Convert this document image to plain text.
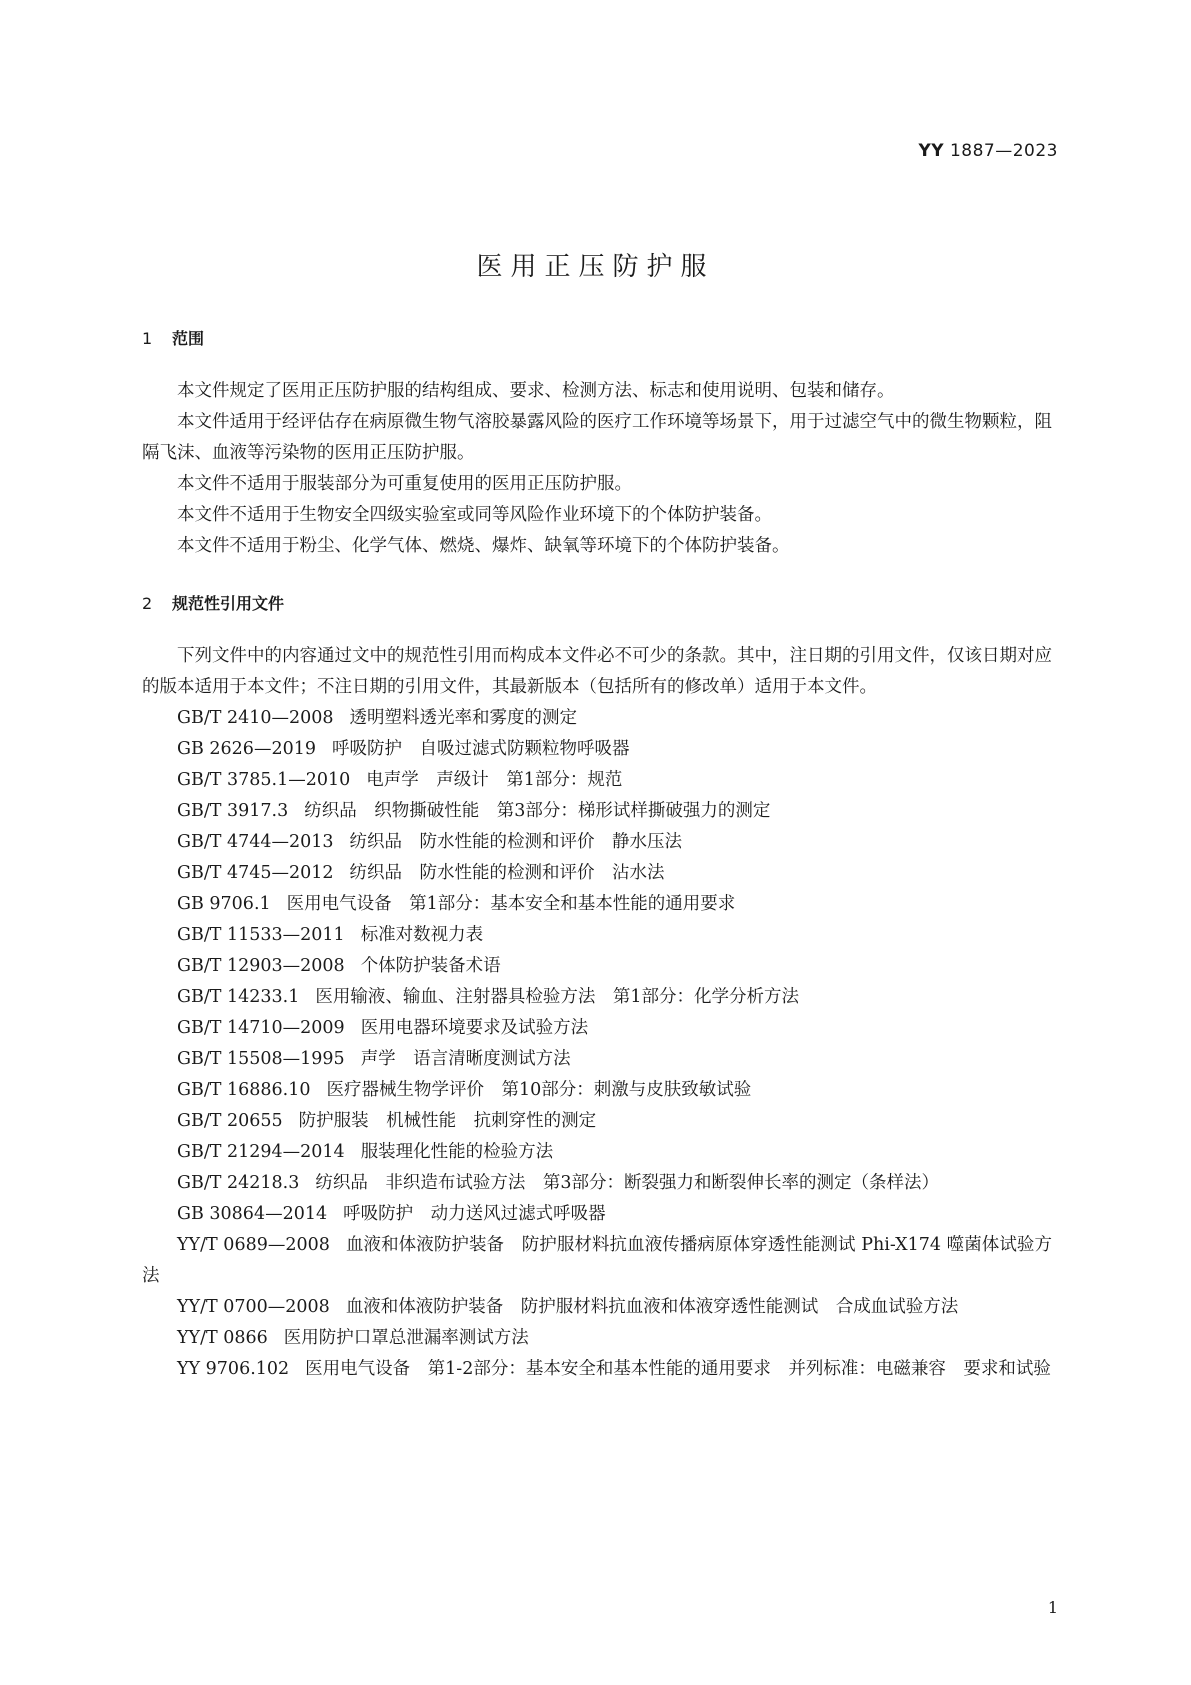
YY 1887—2023
医用正压防护服
1 范围

本文件规定了医用正压防护服的结构组成、要求、检测方法、标志和使用说明、包装和储存。

本文件适用于经评估存在病原微生物气溶胶暴露风险的医疗工作环境等场景下，用于过滤空气中的微生物颗粒，阻隔飞沫、血液等污染物的医用正压防护服。

本文件不适用于服装部分为可重复使用的医用正压防护服。

本文件不适用于生物安全四级实验室或同等风险作业环境下的个体防护装备。

本文件不适用于粉尘、化学气体、燃烧、爆炸、缺氧等环境下的个体防护装备。

2 规范性引用文件

下列文件中的内容通过文中的规范性引用而构成本文件必不可少的条款。其中，注日期的引用文件，仅该日期对应的版本适用于本文件；不注日期的引用文件，其最新版本（包括所有的修改单）适用于本文件。

GB/T 2410—2008 透明塑料透光率和雾度的测定

GB 2626—2019 呼吸防护　自吸过滤式防颗粒物呼吸器

GB/T 3785.1—2010 电声学　声级计　第1部分：规范

GB/T 3917.3 纺织品　织物撕破性能　第3部分：梯形试样撕破强力的测定

GB/T 4744—2013 纺织品　防水性能的检测和评价　静水压法

GB/T 4745—2012 纺织品　防水性能的检测和评价　沾水法

GB 9706.1 医用电气设备　第1部分：基本安全和基本性能的通用要求

GB/T 11533—2011 标准对数视力表

GB/T 12903—2008 个体防护装备术语

GB/T 14233.1 医用输液、输血、注射器具检验方法　第1部分：化学分析方法

GB/T 14710—2009 医用电器环境要求及试验方法

GB/T 15508—1995 声学　语言清晰度测试方法

GB/T 16886.10 医疗器械生物学评价　第10部分：刺激与皮肤致敏试验

GB/T 20655 防护服装　机械性能　抗刺穿性的测定

GB/T 21294—2014 服装理化性能的检验方法

GB/T 24218.3 纺织品　非织造布试验方法　第3部分：断裂强力和断裂伸长率的测定（条样法）

GB 30864—2014 呼吸防护　动力送风过滤式呼吸器

YY/T 0689—2008 血液和体液防护装备　防护服材料抗血液传播病原体穿透性能测试 Phi-X174 噬菌体试验方法

YY/T 0700—2008 血液和体液防护装备　防护服材料抗血液和体液穿透性能测试　合成血试验方法

YY/T 0866 医用防护口罩总泄漏率测试方法

YY 9706.102 医用电气设备　第1-2部分：基本安全和基本性能的通用要求　并列标准：电磁兼容　要求和试验

1
